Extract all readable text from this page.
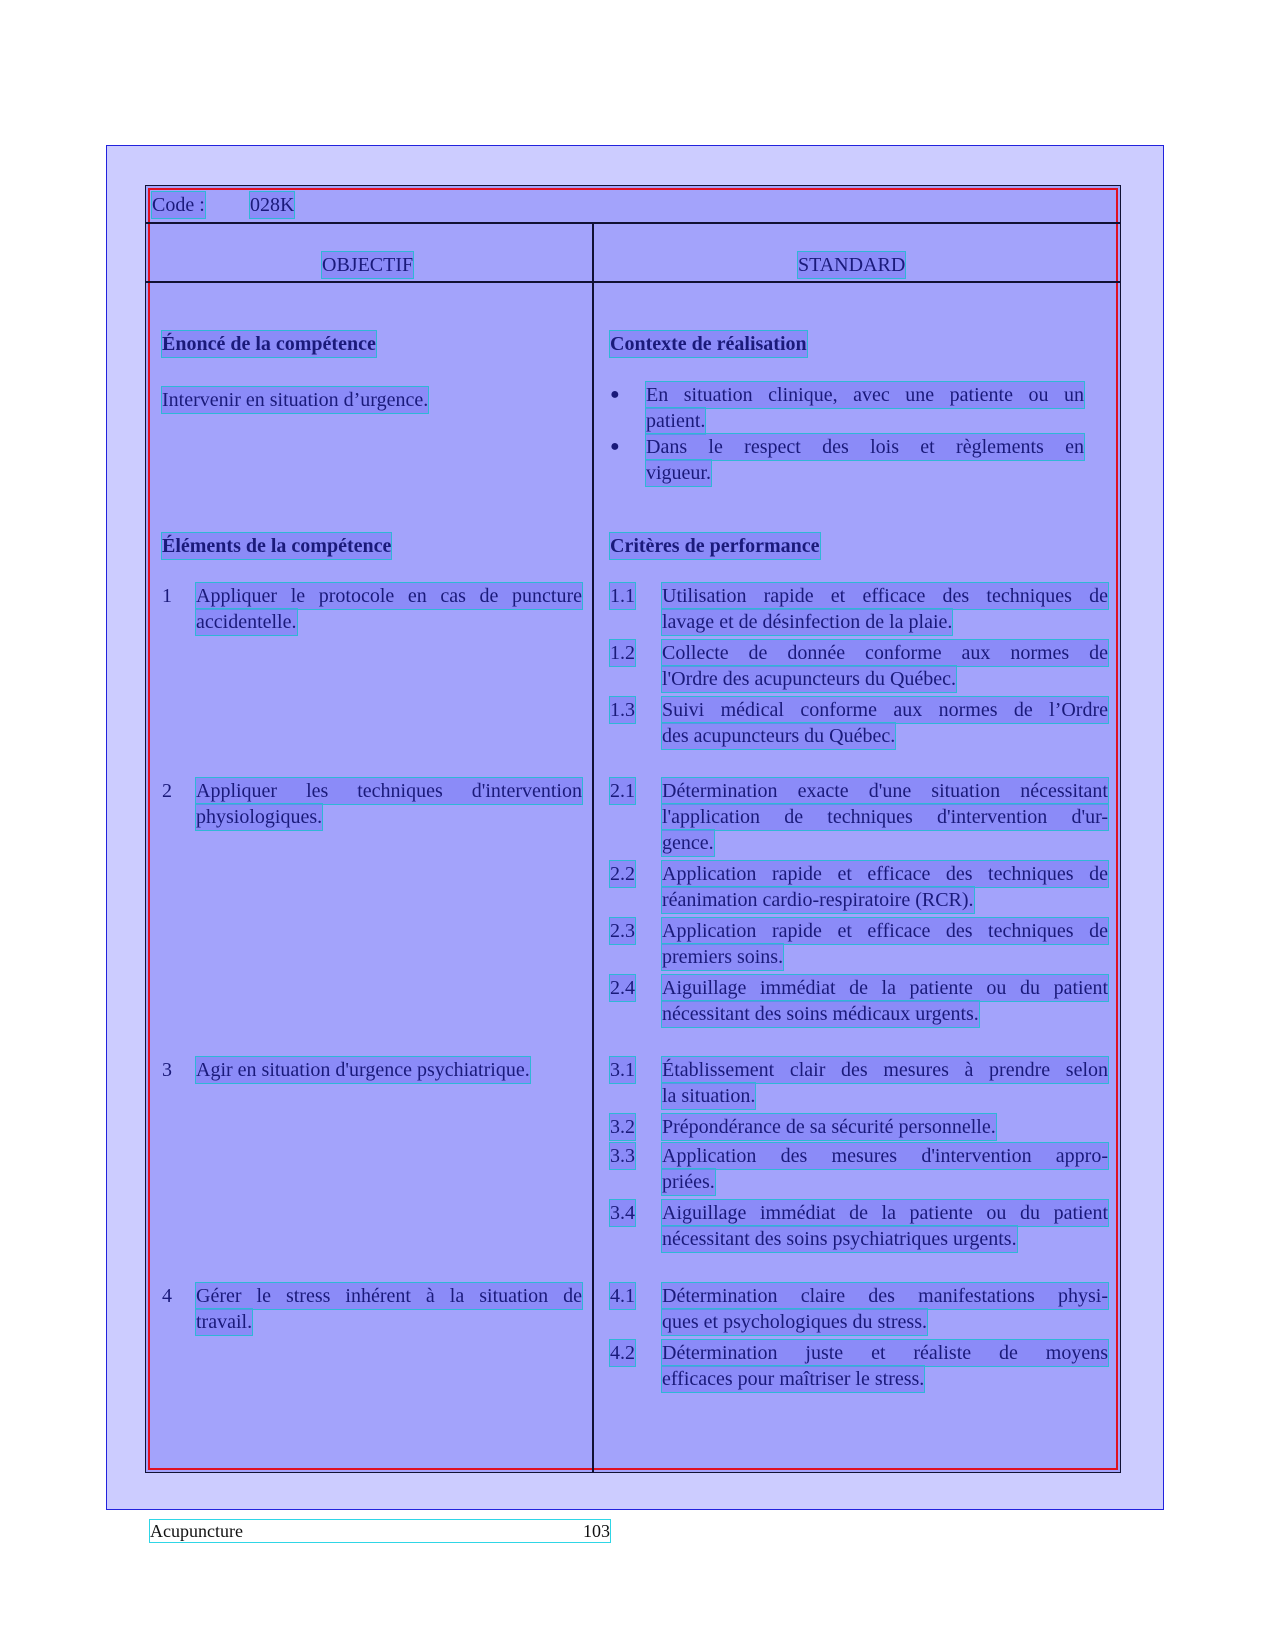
Code : 028K
OBJECTIF	STANDARD
Énoncé de la compétence
Intervenir en situation d’urgence.
Éléments de la compétence
1 Appliquer le protocole en cas de puncture
accidentelle.
2 Appliquer les techniques d'intervention
physiologiques.
3 Agir en situation d'urgence psychiatrique.
4 Gérer le stress inhérent à la situation de
travail.
Contexte de réalisation
● En situation clinique, avec une patiente ou un
patient.
● Dans le respect des lois et règlements en
vigueur.
Critères de performance
1.1 Utilisation rapide et efficace des techniques de
lavage et de désinfection de la plaie.
1.2 Collecte de donnée conforme aux normes de
l'Ordre des acupuncteurs du Québec.
1.3 Suivi médical conforme aux normes de l’Ordre
des acupuncteurs du Québec.
2.1 Détermination exacte d'une situation nécessitant
l'application de techniques d'intervention d'ur-
gence.
2.2 Application rapide et efficace des techniques de
réanimation cardio-respiratoire (RCR).
2.3 Application rapide et efficace des techniques de
premiers soins.
2.4 Aiguillage immédiat de la patiente ou du patient
nécessitant des soins médicaux urgents.
3.1 Établissement clair des mesures à prendre selon
la situation.
3.2 Prépondérance de sa sécurité personnelle.
3.3 Application des mesures d'intervention appro-
priées.
3.4 Aiguillage immédiat de la patiente ou du patient
nécessitant des soins psychiatriques urgents.
4.1 Détermination claire des manifestations physi-
ques et psychologiques du stress.
4.2 Détermination juste et réaliste de moyens
efficaces pour maîtriser le stress.
Acupuncture	103
